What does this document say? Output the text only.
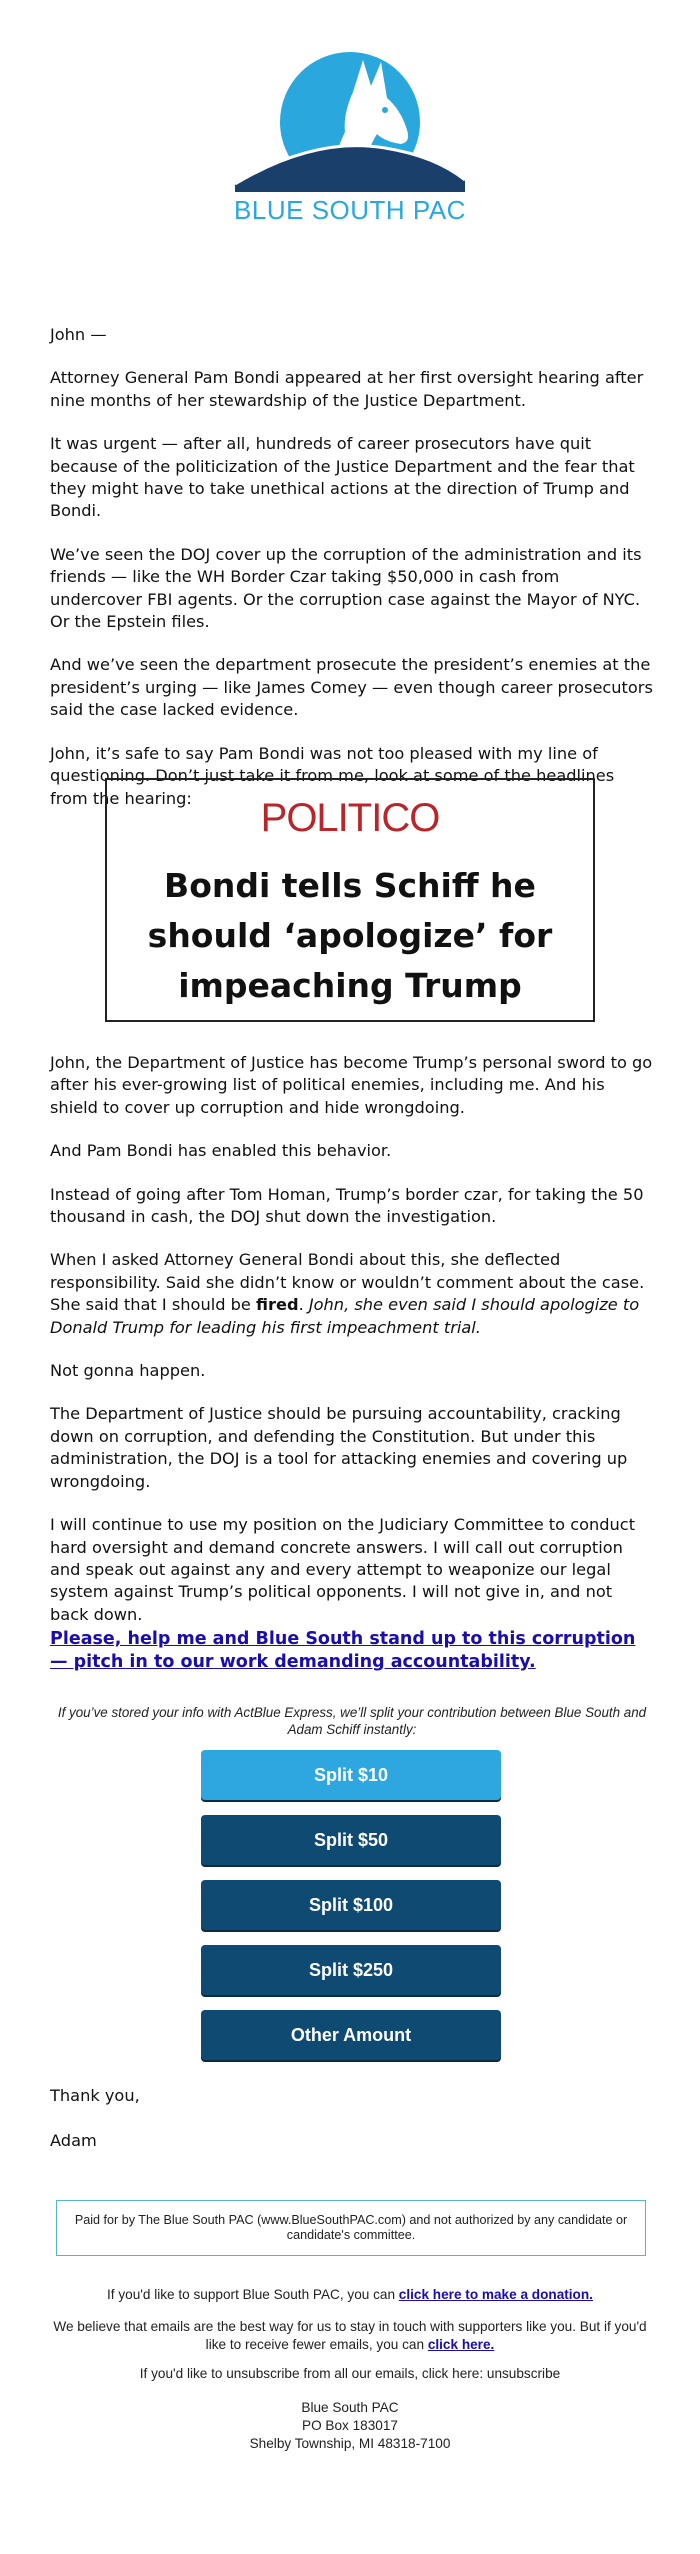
BLUE SOUTH PAC

John —

Attorney General Pam Bondi appeared at her first oversight hearing after nine months of her stewardship of the Justice Department.

It was urgent — after all, hundreds of career prosecutors have quit because of the politicization of the Justice Department and the fear that they might have to take unethical actions at the direction of Trump and Bondi.

We’ve seen the DOJ cover up the corruption of the administration and its friends — like the WH Border Czar taking $50,000 in cash from undercover FBI agents. Or the corruption case against the Mayor of NYC. Or the Epstein files.

And we’ve seen the department prosecute the president’s enemies at the president’s urging — like James Comey — even though career prosecutors said the case lacked evidence.

John, it’s safe to say Pam Bondi was not too pleased with my line of questioning. Don’t just take it from me, look at some of the headlines from the hearing:	POLITICO
Bondi tells Schiff he should ‘apologize’ for impeaching Trump

John, the Department of Justice has become Trump’s personal sword to go after his ever-growing list of political enemies, including me. And his shield to cover up corruption and hide wrongdoing.

And Pam Bondi has enabled this behavior.

Instead of going after Tom Homan, Trump’s border czar, for taking the 50 thousand in cash, the DOJ shut down the investigation.

When I asked Attorney General Bondi about this, she deflected responsibility. Said she didn’t know or wouldn’t comment about the case. She said that I should be fired. John, she even said I should apologize to Donald Trump for leading his first impeachment trial.

Not gonna happen.

The Department of Justice should be pursuing accountability, cracking down on corruption, and defending the Constitution. But under this administration, the DOJ is a tool for attacking enemies and covering up wrongdoing.

I will continue to use my position on the Judiciary Committee to conduct hard oversight and demand concrete answers. I will call out corruption and speak out against any and every attempt to weaponize our legal system against Trump’s political opponents. I will not give in, and not back down.

Please, help me and Blue South stand up to this corruption — pitch in to our work demanding accountability.
If you’ve stored your info with ActBlue Express, we’ll split your contribution between Blue South and Adam Schiff instantly:
Split $10
Split $50
Split $100
Split $250
Other Amount
Thank you,
Adam
Paid for by The Blue South PAC (www.BlueSouthPAC.com) and not authorized by any candidate or candidate's committee.
If you'd like to support Blue South PAC, you can click here to make a donation.
We believe that emails are the best way for us to stay in touch with supporters like you. But if you'd like to receive fewer emails, you can click here.
If you'd like to unsubscribe from all our emails, click here: unsubscribe
Blue South PAC
PO Box 183017
Shelby Township, MI 48318-7100
